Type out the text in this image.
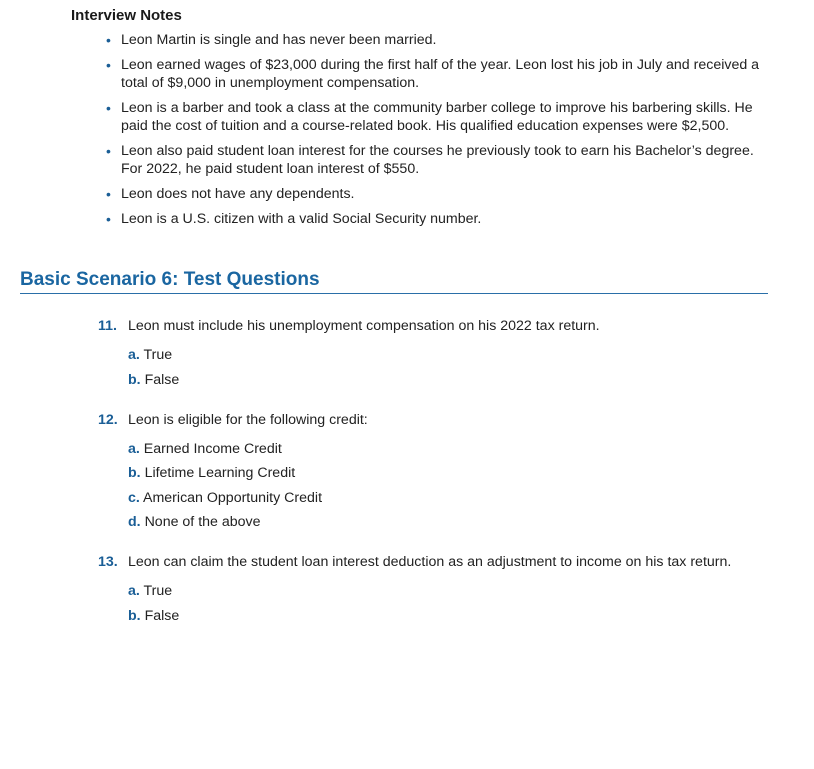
Interview Notes
• Leon Martin is single and has never been married.
• Leon earned wages of $23,000 during the first half of the year. Leon lost his job in July and received a total of $9,000 in unemployment compensation.
• Leon is a barber and took a class at the community barber college to improve his barbering skills. He paid the cost of tuition and a course-related book. His qualified education expenses were $2,500.
• Leon also paid student loan interest for the courses he previously took to earn his Bachelor’s degree. For 2022, he paid student loan interest of $550.
• Leon does not have any dependents.
• Leon is a U.S. citizen with a valid Social Security number.
Basic Scenario 6: Test Questions
11. Leon must include his unemployment compensation on his 2022 tax return.
a. True
b. False
12. Leon is eligible for the following credit:
a. Earned Income Credit
b. Lifetime Learning Credit
c. American Opportunity Credit
d. None of the above
13. Leon can claim the student loan interest deduction as an adjustment to income on his tax return.
a. True
b. False
